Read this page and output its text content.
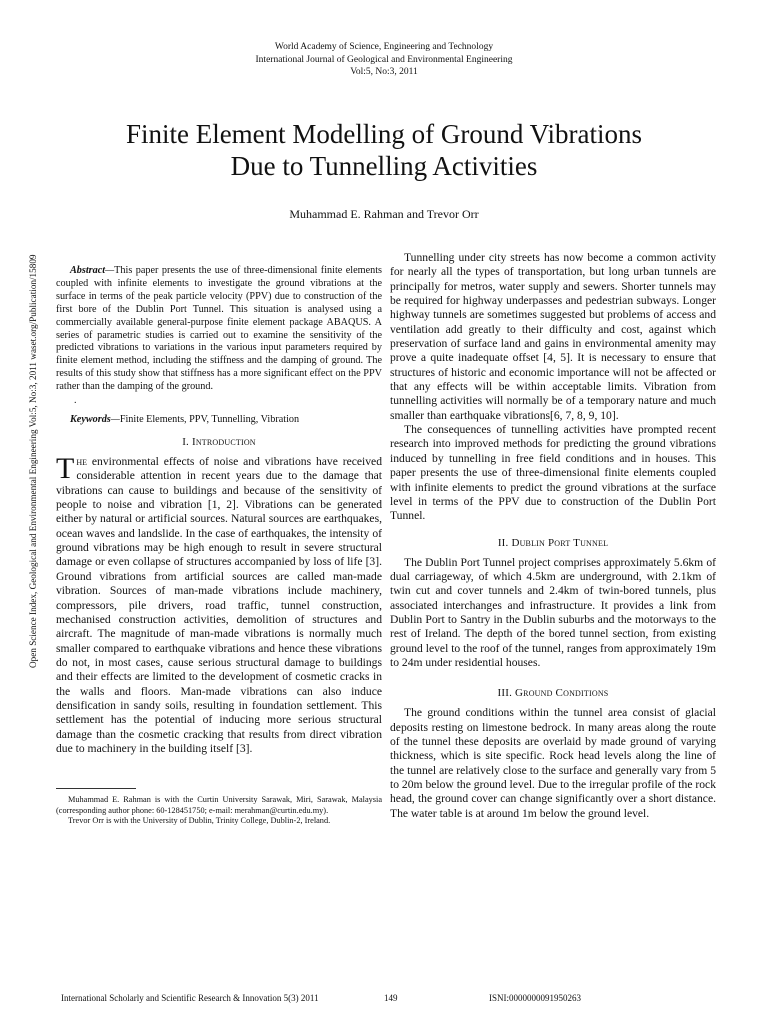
World Academy of Science, Engineering and Technology
International Journal of Geological and Environmental Engineering
Vol:5, No:3, 2011
Finite Element Modelling of Ground Vibrations
Due to Tunnelling Activities
Muhammad E. Rahman and Trevor Orr
Open Science Index, Geological and Environmental Engineering Vol:5, No:3, 2011 waset.org/Publication/15809	Abstract—This paper presents the use of three-dimensional finite elements coupled with infinite elements to investigate the ground vibrations at the surface in terms of the peak particle velocity (PPV) due to construction of the first bore of the Dublin Port Tunnel. This situation is analysed using a commercially available general-purpose finite element package ABAQUS. A series of parametric studies is carried out to examine the sensitivity of the predicted vibrations to variations in the various input parameters required by finite element method, including the stiffness and the damping of ground. The results of this study show that stiffness has a more significant effect on the PPV rather than the damping of the ground.

.

Keywords—Finite Elements, PPV, Tunnelling, Vibration

I. Introduction

The environmental effects of noise and vibrations have received considerable attention in recent years due to the damage that vibrations can cause to buildings and because of the sensitivity of people to noise and vibration [1, 2]. Vibrations can be generated either by natural or artificial sources. Natural sources are earthquakes, ocean waves and landslide. In the case of earthquakes, the intensity of ground vibrations may be high enough to result in severe structural damage or even collapse of structures accompanied by loss of life [3]. Ground vibrations from artificial sources are called man-made vibration. Sources of man-made vibrations include machinery, compressors, pile drivers, road traffic, tunnel construction, mechanised construction activities, demolition of structures and aircraft. The magnitude of man-made vibrations is normally much smaller compared to earthquake vibrations and hence these vibrations do not, in most cases, cause serious structural damage to buildings and their effects are limited to the development of cosmetic cracks in the walls and floors. Man-made vibrations can also induce densification in sandy soils, resulting in foundation settlement. This settlement has the potential of inducing more serious structural damage than the cosmetic cracking that results from direct vibration due to machinery in the building itself [3].

Muhammad E. Rahman is with the Curtin University Sarawak, Miri, Sarawak, Malaysia (corresponding author phone: 60-128451750; e-mail: merahman@curtin.edu.my).

Trevor Orr is with the University of Dublin, Trinity College, Dublin-2, Ireland.

Tunnelling under city streets has now become a common activity for nearly all the types of transportation, but long urban tunnels are principally for metros, water supply and sewers. Shorter tunnels may be required for highway underpasses and pedestrian subways. Longer highway tunnels are sometimes suggested but problems of access and ventilation add greatly to their difficulty and cost, against which preservation of surface land and gains in environmental amenity may prove a quite inadequate offset [4, 5]. It is necessary to ensure that structures of historic and economic importance will not be affected or that any effects will be within acceptable limits. Vibration from tunnelling activities will normally be of a temporary nature and much smaller than earthquake vibrations[6, 7, 8, 9, 10].

The consequences of tunnelling activities have prompted recent research into improved methods for predicting the ground vibrations induced by tunnelling in free field conditions and in houses. This paper presents the use of three-dimensional finite elements coupled with infinite elements to predict the ground vibrations at the surface level in terms of the PPV due to construction of the Dublin Port Tunnel.

II. Dublin Port Tunnel

The Dublin Port Tunnel project comprises approximately 5.6km of dual carriageway, of which 4.5km are underground, with 2.1km of twin cut and cover tunnels and 2.4km of twin-bored tunnels, plus associated interchanges and infrastructure. It provides a link from Dublin Port to Santry in the Dublin suburbs and the motorways to the rest of Ireland. The depth of the bored tunnel section, from existing ground level to the roof of the tunnel, ranges from approximately 19m to 24m under residential houses.

III. Ground Conditions

The ground conditions within the tunnel area consist of glacial deposits resting on limestone bedrock. In many areas along the route of the tunnel these deposits are overlaid by made ground of varying thickness, which is site specific. Rock head levels along the line of the tunnel are relatively close to the surface and generally vary from 5 to 20m below the ground level. Due to the irregular profile of the rock head, the ground cover can change significantly over a short distance. The water table is at around 1m below the ground level.

International Scholarly and Scientific Research & Innovation 5(3) 2011	149	ISNI:0000000091950263
